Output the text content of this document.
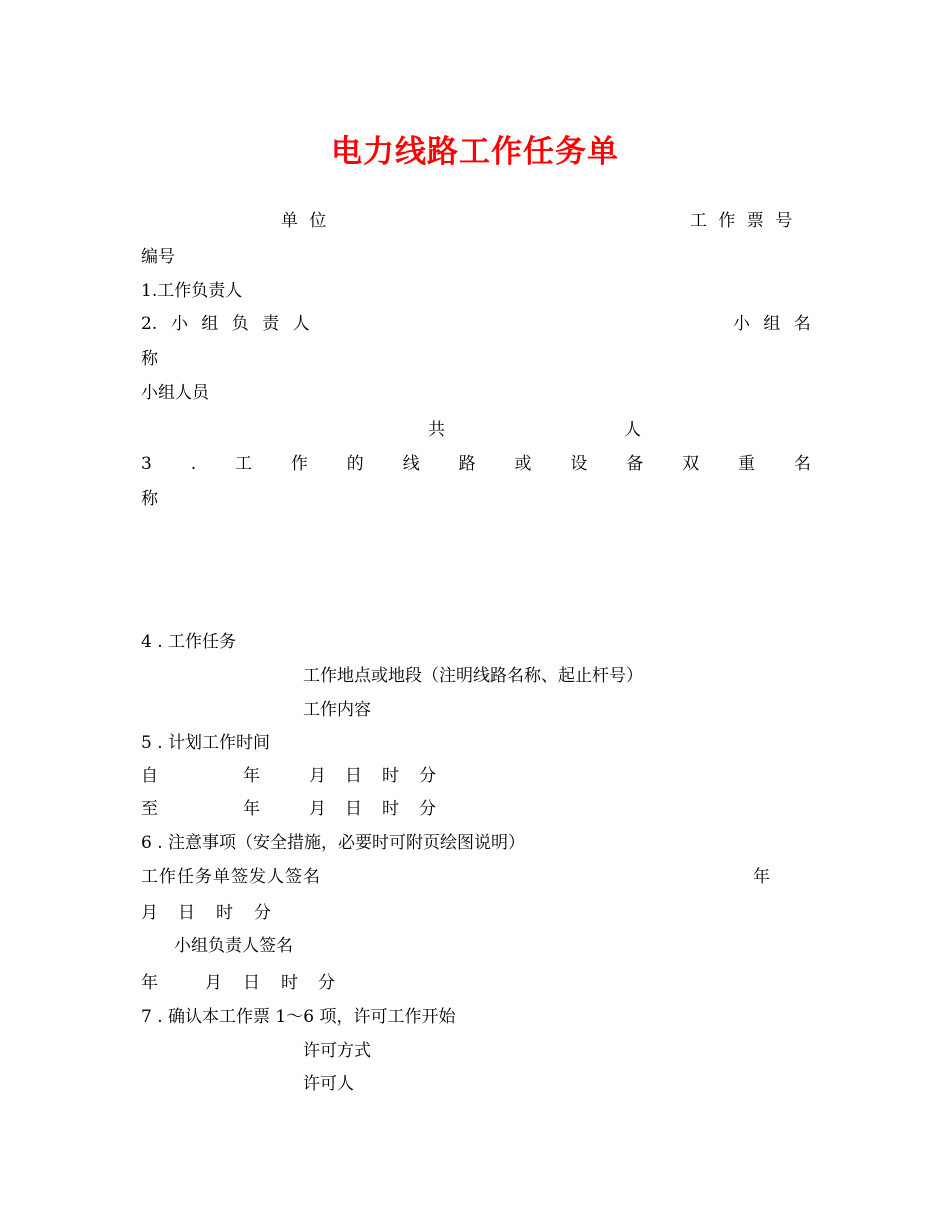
电力线路工作任务单
单 位	工 作 票 号
编号
1.工作负责人
2. 小 组 负 责 人	小 组 名
称
小组人员
共	人
3 . 工 作 的 线 路 或 设 备 双 重 名
称
4 . 工作任务
工作地点或地段（注明线路名称、起止杆号）
工作内容
5 . 计划工作时间
自	年	月 日 时 分
至	年	月 日 时 分
6 . 注意事项（安全措施，必要时可附页绘图说明）
工作任务单签发人签名	年
月 日 时 分
小组负责人签名
年	月 日 时 分
7 . 确认本工作票 1～6 项，许可工作开始
许可方式
许可人
